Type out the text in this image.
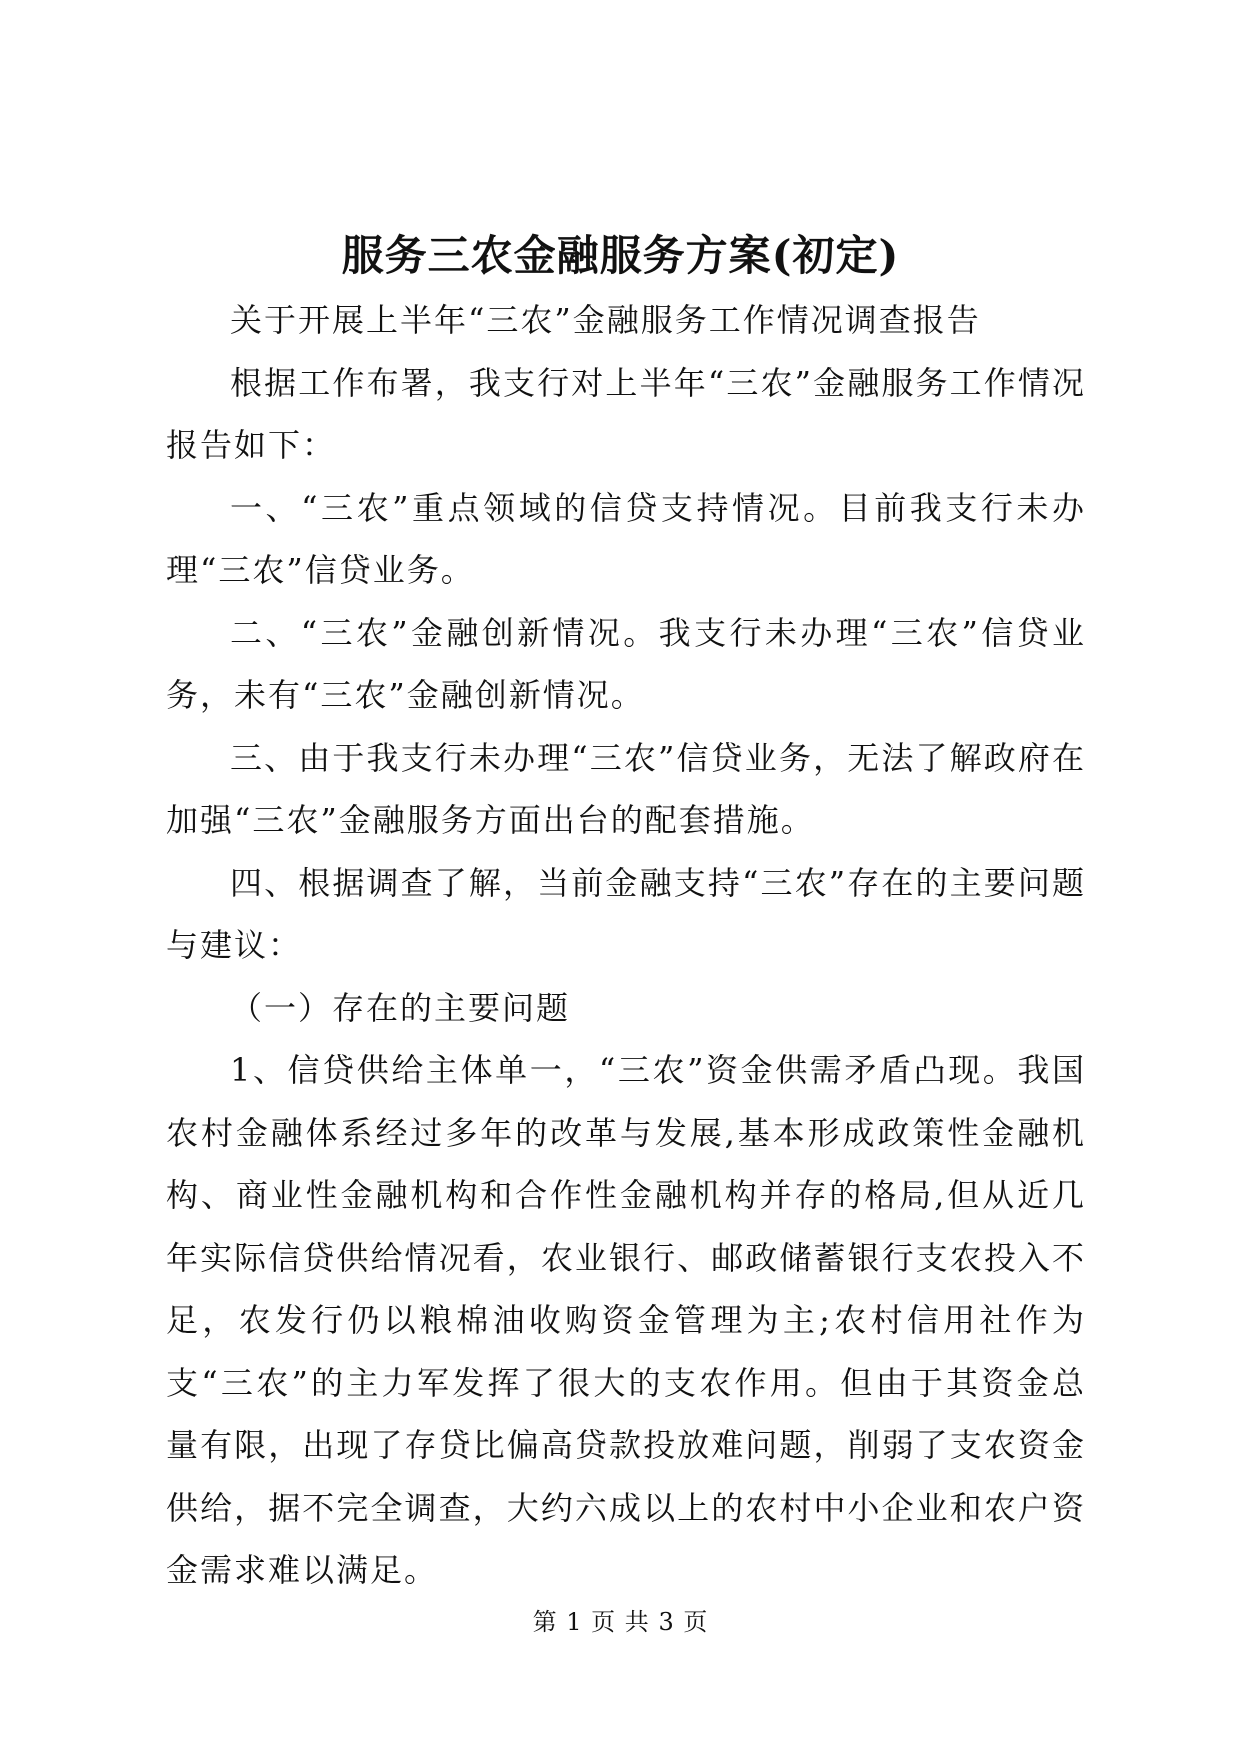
服务三农金融服务方案(初定)

关于开展上半年“三农”金融服务工作情况调查报告

根据工作布署，我支行对上半年“三农”金融服务工作情况报告如下：

一、“三农”重点领域的信贷支持情况。目前我支行未办理“三农”信贷业务。

二、“三农”金融创新情况。我支行未办理“三农”信贷业务，未有“三农”金融创新情况。

三、由于我支行未办理“三农”信贷业务，无法了解政府在加强“三农”金融服务方面出台的配套措施。

四、根据调查了解，当前金融支持“三农”存在的主要问题与建议：

（一）存在的主要问题

1、信贷供给主体单一，“三农”资金供需矛盾凸现。我国农村金融体系经过多年的改革与发展,基本形成政策性金融机构、商业性金融机构和合作性金融机构并存的格局,但从近几年实际信贷供给情况看，农业银行、邮政储蓄银行支农投入不足，农发行仍以粮棉油收购资金管理为主;农村信用社作为支“三农”的主力军发挥了很大的支农作用。但由于其资金总量有限，出现了存贷比偏高贷款投放难问题，削弱了支农资金供给，据不完全调查，大约六成以上的农村中小企业和农户资金需求难以满足。

第 1 页 共 3 页
